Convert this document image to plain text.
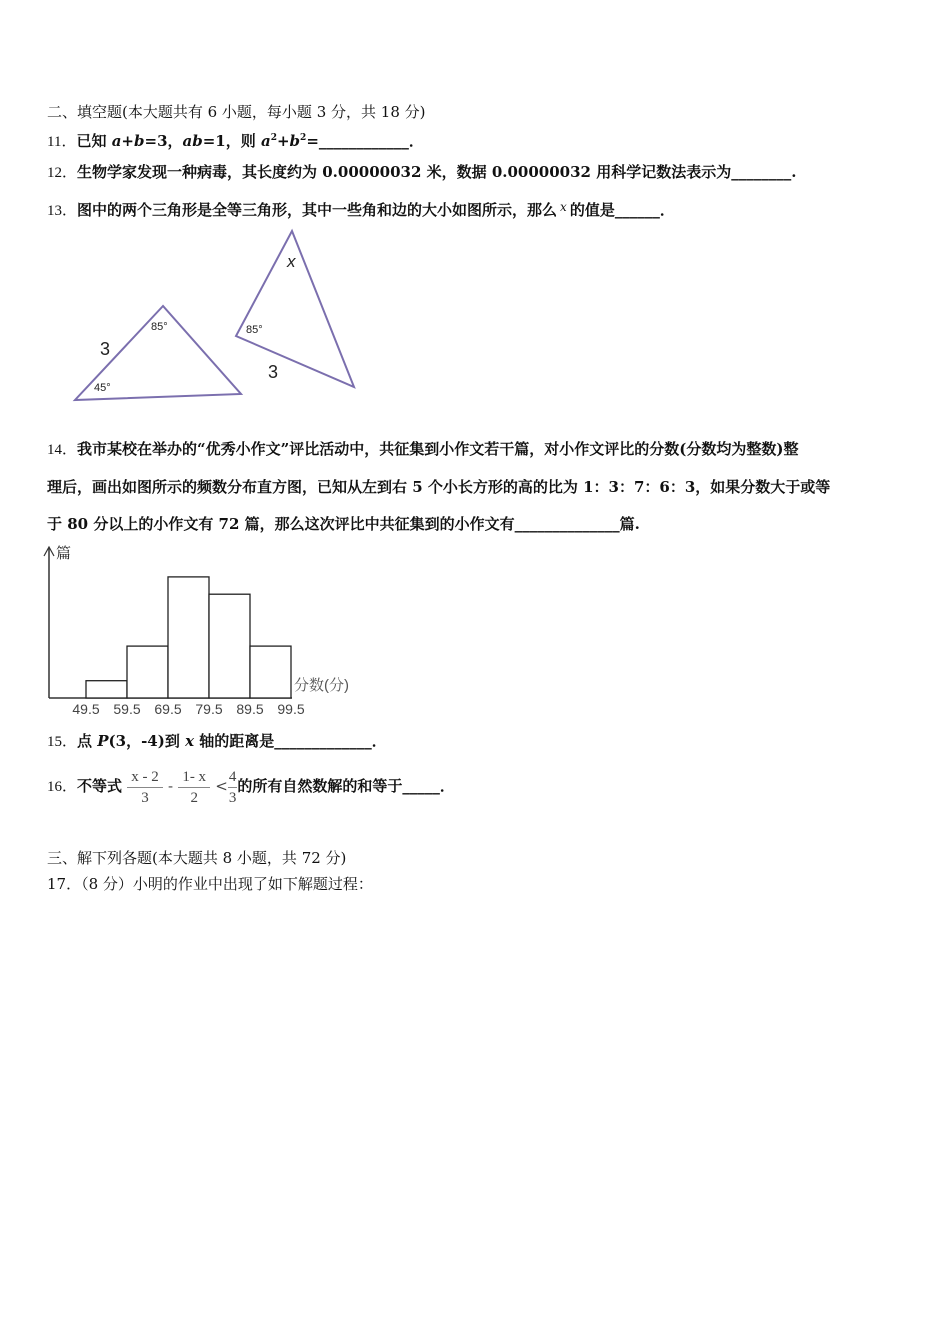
二、填空题(本大题共有 6 小题，每小题 3 分，共 18 分)
11．已知 a+b=3，ab=1，则 $a^2+b^2=\_\_\_\_\_\_\_\_\_\_\_\_$．
12．生物学家发现一种病毒，其长度约为 0.00000032 米，数据 0.00000032 用科学记数法表示为________.
13．图中的两个三角形是全等三角形，其中一些角和边的大小如图所示，那么 $^x$ 的值是______．
3
85°
45°
x
85°
3
14．我市某校在举办的“优秀小作文”评比活动中，共征集到小作文若干篇，对小作文评比的分数(分数均为整数)整
理后，画出如图所示的频数分布直方图，已知从左到右 5 个小长方形的高的比为 1：3：7：6：3，如果分数大于或等
于 80 分以上的小作文有 72 篇，那么这次评比中共征集到的小作文有______________篇.
篇
分数(分)
49.5 59.5 69.5 79.5 89.5 99.5
15．点 P(3，-4)到 x 轴的距离是_____________．
16．不等式 $\frac{x - 2}{3} - \frac{1- x}{2} < \frac{4}{3}$ 的所有自然数解的和等于_____．
三、解下列各题(本大题共 8 小题，共 72 分)
17．（8 分）小明的作业中出现了如下解题过程：
